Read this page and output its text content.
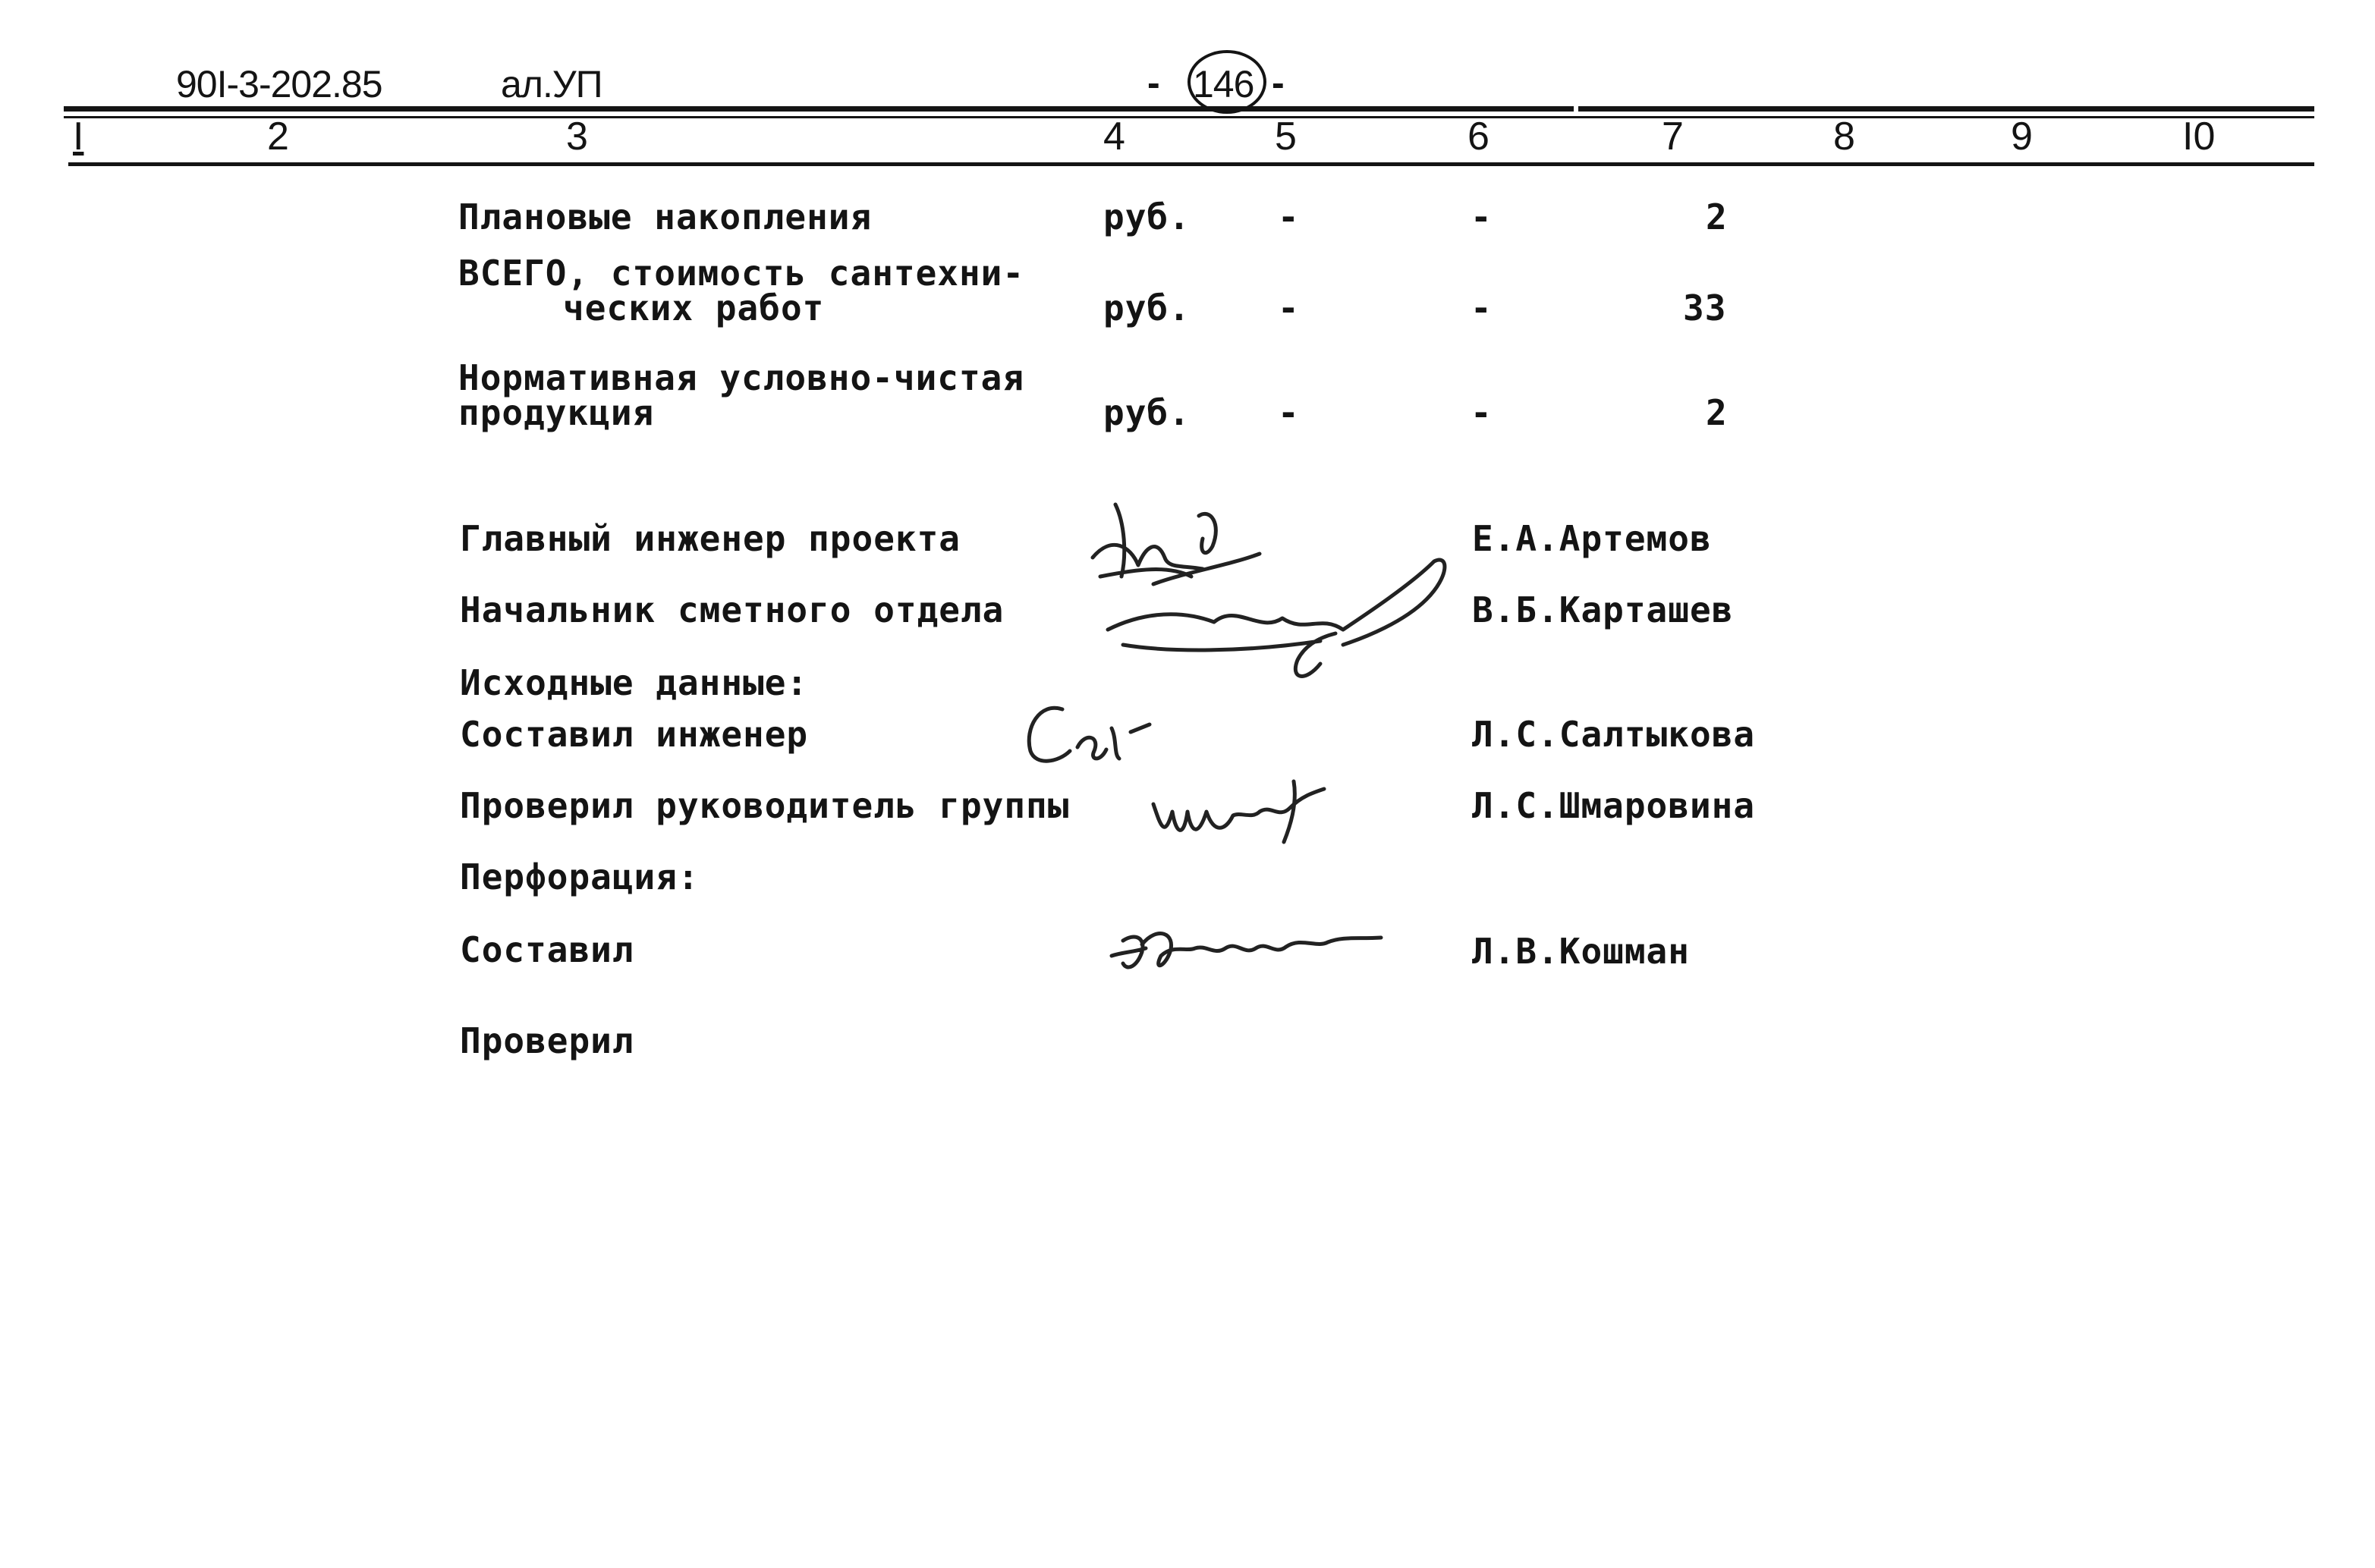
90I-3-202.85	ал.УП	- 146 -
I	2	3	4	5	6	7	8	9	I0
Плановые накопления	руб.	-	-	2
ВСЕГО, стоимость сантехни-
ческих работ	руб.	-	-	33
Нормативная условно-чистая
продукция	руб.	-	-	2
Главный инженер проекта	Е.А.Артемов
Начальник сметного отдела	В.Б.Карташев
Исходные данные:
Составил инженер	Л.С.Салтыкова
Проверил руководитель группы	Л.С.Шмаровина
Перфорация:
Составил	Л.В.Кошман
Проверил
